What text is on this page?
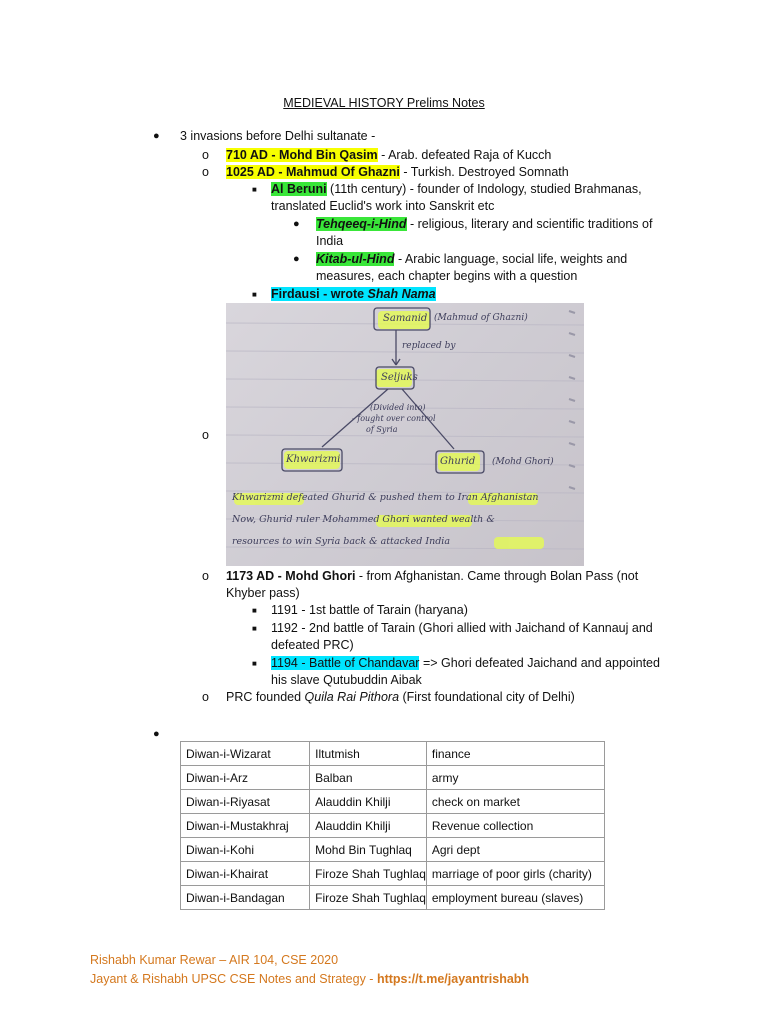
MEDIEVAL HISTORY Prelims Notes
● 3 invasions before Delhi sultanate -
o 710 AD - Mohd Bin Qasim - Arab. defeated Raja of Kucch
o 1025 AD - Mahmud Of Ghazni - Turkish. Destroyed Somnath
■ Al Beruni (11th century) - founder of Indology, studied Brahmanas,
translated Euclid's work into Sanskrit etc
● Tehqeeq-i-Hind - religious, literary and scientific traditions of
India
● Kitab-ul-Hind - Arabic language, social life, weights and
measures, each chapter begins with a question
■ Firdausi - wrote Shah Nama
o
Samanid (Mahmud of Ghazni)
replaced by
Seljuks
(Divided into)
- fought over control
of Syria
Khwarizmi	Ghurid (Mohd Ghori)
Khwarizmi defeated Ghurid & pushed them to Iran Afghanistan
Now, Ghurid ruler Mohammed Ghori wanted wealth &
resources to win Syria back & attacked India
o 1173 AD - Mohd Ghori - from Afghanistan. Came through Bolan Pass (not
Khyber pass)
■ 1191 - 1st battle of Tarain (haryana)
■ 1192 - 2nd battle of Tarain (Ghori allied with Jaichand of Kannauj and
defeated PRC)
■ 1194 - Battle of Chandavar => Ghori defeated Jaichand and appointed
his slave Qutubuddin Aibak
o PRC founded Quila Rai Pithora (First foundational city of Delhi)
●
Diwan-i-Wizarat	Iltutmish	finance
Diwan-i-Arz	Balban	army
Diwan-i-Riyasat	Alauddin Khilji	check on market
Diwan-i-Mustakhraj	Alauddin Khilji	Revenue collection
Diwan-i-Kohi	Mohd Bin Tughlaq	Agri dept
Diwan-i-Khairat	Firoze Shah Tughlaq	marriage of poor girls (charity)
Diwan-i-Bandagan	Firoze Shah Tughlaq	employment bureau (slaves)
Rishabh Kumar Rewar – AIR 104, CSE 2020
Jayant & Rishabh UPSC CSE Notes and Strategy - https://t.me/jayantrishabh
